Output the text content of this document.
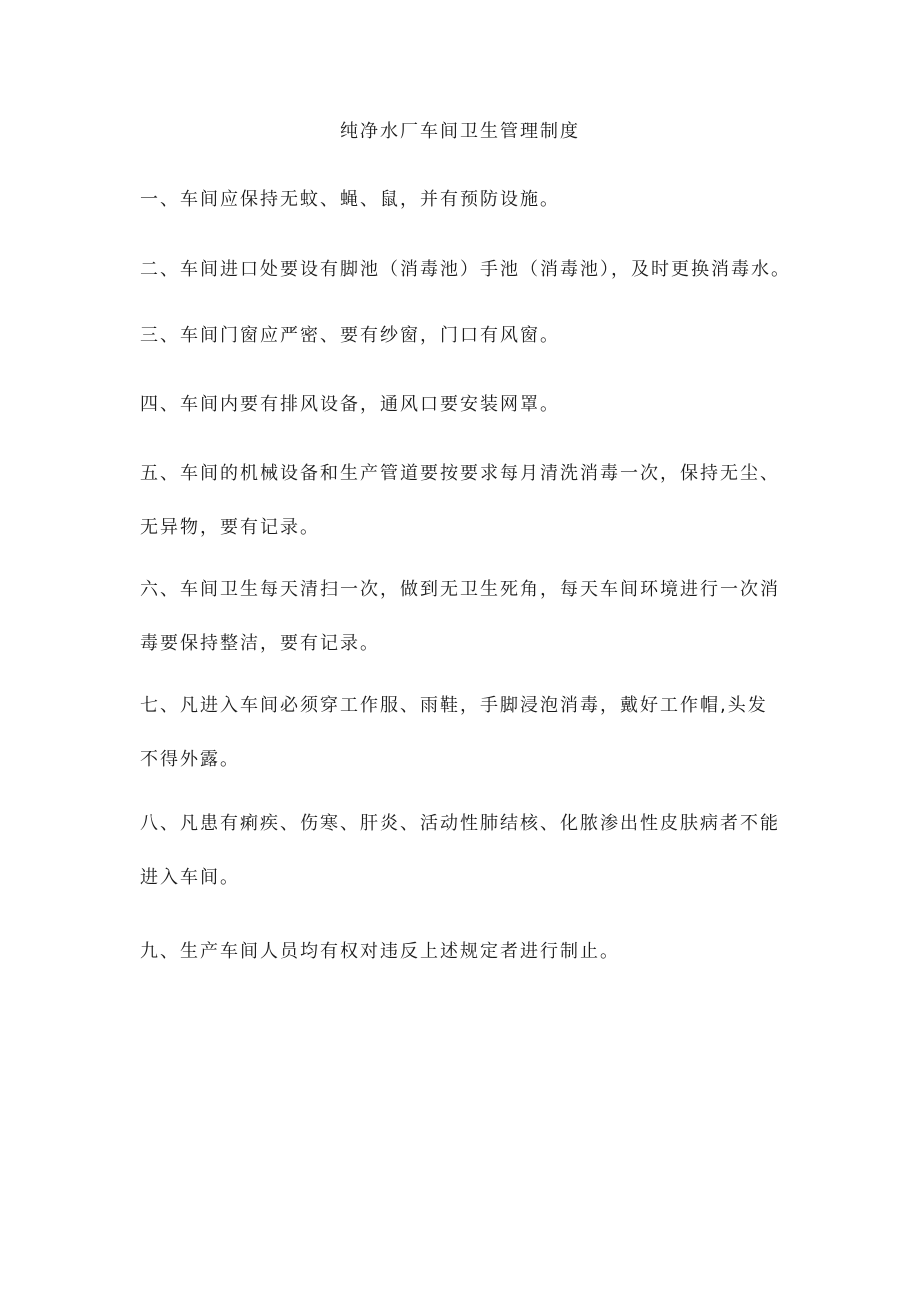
纯净水厂车间卫生管理制度
一、车间应保持无蚊、蝇、鼠，并有预防设施。
二、车间进口处要设有脚池（消毒池）手池（消毒池），及时更换消毒水。
三、车间门窗应严密、要有纱窗，门口有风窗。
四、车间内要有排风设备，通风口要安装网罩。
五、车间的机械设备和生产管道要按要求每月清洗消毒一次，保持无尘、
无异物，要有记录。
六、车间卫生每天清扫一次，做到无卫生死角，每天车间环境进行一次消
毒要保持整洁，要有记录。
七、凡进入车间必须穿工作服、雨鞋，手脚浸泡消毒，戴好工作帽,头发
不得外露。
八、凡患有痢疾、伤寒、肝炎、活动性肺结核、化脓渗出性皮肤病者不能
进入车间。
九、生产车间人员均有权对违反上述规定者进行制止。
